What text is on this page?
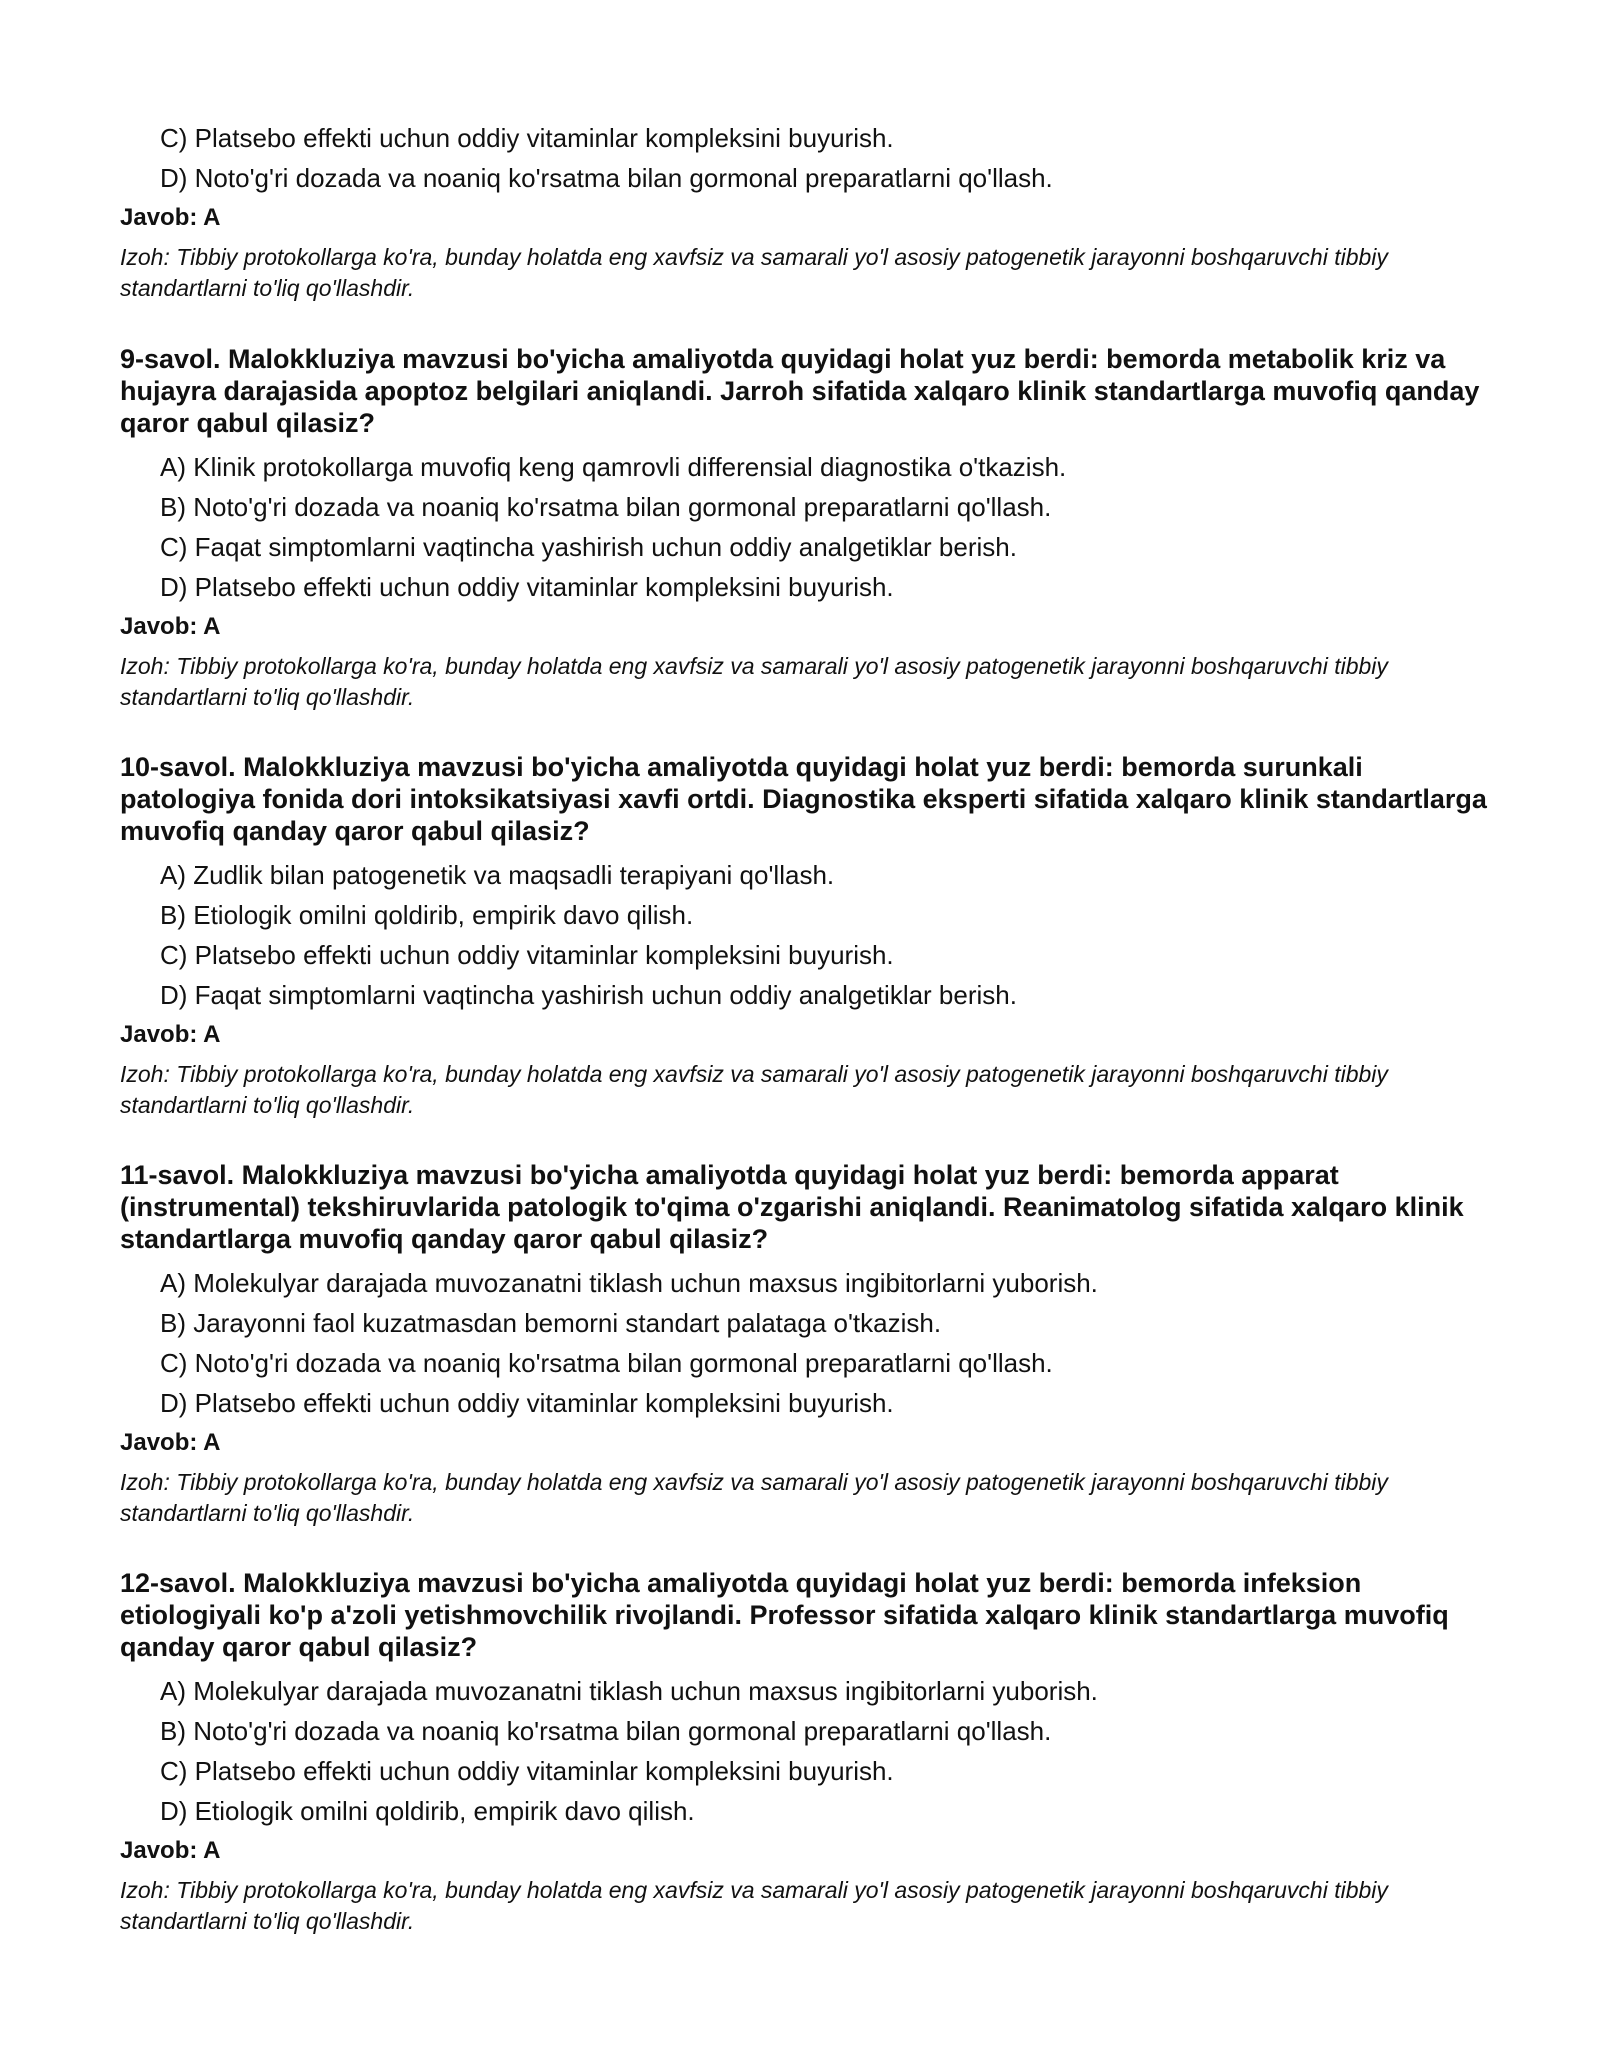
C) Platsebo effekti uchun oddiy vitaminlar kompleksini buyurish.
D) Noto'g'ri dozada va noaniq ko'rsatma bilan gormonal preparatlarni qo'llash.
Javob: A
Izoh: Tibbiy protokollarga ko'ra, bunday holatda eng xavfsiz va samarali yo'l asosiy patogenetik jarayonni boshqaruvchi tibbiy standartlarni to'liq qo'llashdir.
9-savol. Malokkluziya mavzusi bo'yicha amaliyotda quyidagi holat yuz berdi: bemorda metabolik kriz va hujayra darajasida apoptoz belgilari aniqlandi. Jarroh sifatida xalqaro klinik standartlarga muvofiq qanday qaror qabul qilasiz?
A) Klinik protokollarga muvofiq keng qamrovli differensial diagnostika o'tkazish.
B) Noto'g'ri dozada va noaniq ko'rsatma bilan gormonal preparatlarni qo'llash.
C) Faqat simptomlarni vaqtincha yashirish uchun oddiy analgetiklar berish.
D) Platsebo effekti uchun oddiy vitaminlar kompleksini buyurish.
Javob: A
Izoh: Tibbiy protokollarga ko'ra, bunday holatda eng xavfsiz va samarali yo'l asosiy patogenetik jarayonni boshqaruvchi tibbiy standartlarni to'liq qo'llashdir.
10-savol. Malokkluziya mavzusi bo'yicha amaliyotda quyidagi holat yuz berdi: bemorda surunkali patologiya fonida dori intoksikatsiyasi xavfi ortdi. Diagnostika eksperti sifatida xalqaro klinik standartlarga muvofiq qanday qaror qabul qilasiz?
A) Zudlik bilan patogenetik va maqsadli terapiyani qo'llash.
B) Etiologik omilni qoldirib, empirik davo qilish.
C) Platsebo effekti uchun oddiy vitaminlar kompleksini buyurish.
D) Faqat simptomlarni vaqtincha yashirish uchun oddiy analgetiklar berish.
Javob: A
Izoh: Tibbiy protokollarga ko'ra, bunday holatda eng xavfsiz va samarali yo'l asosiy patogenetik jarayonni boshqaruvchi tibbiy standartlarni to'liq qo'llashdir.
11-savol. Malokkluziya mavzusi bo'yicha amaliyotda quyidagi holat yuz berdi: bemorda apparat (instrumental) tekshiruvlarida patologik to'qima o'zgarishi aniqlandi. Reanimatolog sifatida xalqaro klinik standartlarga muvofiq qanday qaror qabul qilasiz?
A) Molekulyar darajada muvozanatni tiklash uchun maxsus ingibitorlarni yuborish.
B) Jarayonni faol kuzatmasdan bemorni standart palataga o'tkazish.
C) Noto'g'ri dozada va noaniq ko'rsatma bilan gormonal preparatlarni qo'llash.
D) Platsebo effekti uchun oddiy vitaminlar kompleksini buyurish.
Javob: A
Izoh: Tibbiy protokollarga ko'ra, bunday holatda eng xavfsiz va samarali yo'l asosiy patogenetik jarayonni boshqaruvchi tibbiy standartlarni to'liq qo'llashdir.
12-savol. Malokkluziya mavzusi bo'yicha amaliyotda quyidagi holat yuz berdi: bemorda infeksion etiologiyali ko'p a'zoli yetishmovchilik rivojlandi. Professor sifatida xalqaro klinik standartlarga muvofiq qanday qaror qabul qilasiz?
A) Molekulyar darajada muvozanatni tiklash uchun maxsus ingibitorlarni yuborish.
B) Noto'g'ri dozada va noaniq ko'rsatma bilan gormonal preparatlarni qo'llash.
C) Platsebo effekti uchun oddiy vitaminlar kompleksini buyurish.
D) Etiologik omilni qoldirib, empirik davo qilish.
Javob: A
Izoh: Tibbiy protokollarga ko'ra, bunday holatda eng xavfsiz va samarali yo'l asosiy patogenetik jarayonni boshqaruvchi tibbiy standartlarni to'liq qo'llashdir.
